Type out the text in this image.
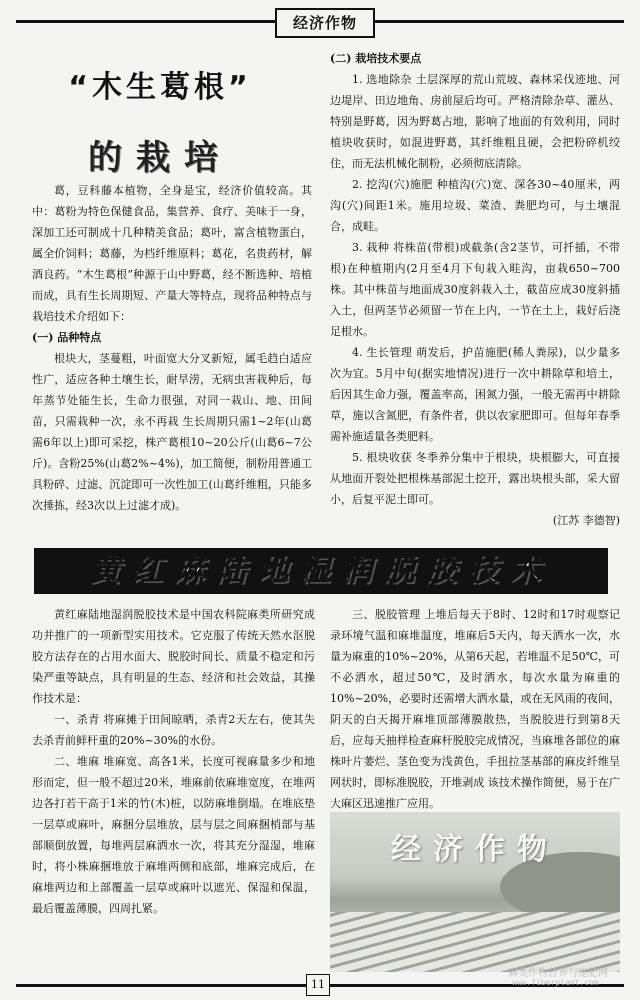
经济作物
“木生葛根”
的栽培

葛，豆科藤本植物，全身是宝，经济价值较高。其中：葛粉为特色保健食品，集营养、食疗、美味于一身，深加工还可制成十几种精美食品；葛叶，富含植物蛋白，属全价饲料；葛藤，为档纤维原料；葛花，名贵药材，解酒良药。“木生葛根”种源于山中野葛，经不断选种、培植而成，具有生长周期短、产量大等特点，现将品种特点与栽培技术介绍如下：

(一) 品种特点

根块大，茎蔓粗，叶面宽大分叉新短，属毛趋白适应性广，适应各种土壤生长，耐旱涝，无病虫害栽种后，每年蒸节处能生长，生命力很强，对同一栽山、地、田间苗，只需栽种一次，永不再栽 生长周期只需1~2年(山葛需6年以上)即可采挖，株产葛根10~20公斤(山葛6~7公斤)。含粉25%(山葛2%~4%)，加工简便，制粉用普通工具粉碎、过滤、沉淀即可一次性加工(山葛纤维粗，只能多次捶拣，经3次以上过滤才成)。

(二) 栽培技术要点

1. 选地除杂 土层深厚的荒山荒坡、森林采伐迹地、河边堤岸、田边地角、房前屋后均可。严格清除杂草、灌丛、特别是野葛，因为野葛占地，影响了地面的有效利用，同时植块收获时，如混进野葛，其纤维粗且硬，会把粉碎机绞住，而无法机械化制粉，必须彻底清除。

2. 挖沟(穴)施肥 种植沟(穴)宽、深各30~40厘米，两沟(穴)间距1米。施用垃圾、菜渣、粪肥均可，与土壤混合，成畦。

3. 栽种 将株苗(带根)或截条(含2茎节，可扦插，不带根)在种植期内(2月至4月下旬栽入畦沟，亩栽650~700株。其中株苗与地面成30度斜栽入土，截苗应成30度斜插入土，但两茎节必须留一节在上内，一节在土上，栽好后浇足根水。

4. 生长管理 萌发后，护苗施肥(稀人粪尿)，以少量多次为宜。5月中旬(据实地情况)进行一次中耕除草和培土，后因其生命力强，覆盖率高，困氮力强，一般无需再中耕除草，施以含氮肥，有条件者，供以农家肥即可。但每年春季需补施适量各类肥料。

5. 根块收获 冬季养分集中于根块，块根膨大，可直接从地面开裂处把根株基部泥土挖开，露出块根头部，采大留小，后复平泥土即可。

(江苏 李德智)

黄红麻陆地湿润脱胶技术

黄红麻陆地湿润脱胶技术是中国农科院麻类所研究成功并推广的一项新型实用技术。它克服了传统天然水沤脱胶方法存在的占用水面大、脱胶时间长、质量不稳定和污染严重等缺点，具有明显的生态、经济和社会效益，其操作技术是：

一、杀青 将麻摊于田间晾晒，杀青2天左右，使其失去杀青前鲜杆重的20%~30%的水份。

二、堆麻 堆麻宽、高各1米，长度可视麻量多少和地形而定，但一般不超过20米，堆麻前依麻堆宽度，在堆两边各打若干高于1米的竹(木)桩，以防麻堆倒塌。在堆底垫一层草或麻叶，麻捆分层堆放，层与层之间麻捆梢部与基部顺倒放置，每堆两层麻洒水一次，将其充分湿湿，堆麻时，将小株麻捆堆放于麻堆两侧和底部，堆麻完成后，在麻堆两边和上部覆盖一层草或麻叶以遮光、保湿和保温，最后覆盖薄膜，四周扎紧。

三、脱胶管理 上堆后每天于8时、12时和17时观察记录环境气温和麻堆温度，堆麻后5天内，每天洒水一次，水量为麻重的10%~20%，从第6天起，若堆温不足50℃，可不必洒水，超过50℃，及时洒水，每次水量为麻重的10%~20%，必要时还需增大洒水量，或在无风雨的夜间，阴天的白天揭开麻堆顶部薄膜散热，当脱胶进行到第8天后，应每天抽样检查麻杆脱胶完成情况，当麻堆各部位的麻株叶片萎烂、茎色变为浅黄色，手扭拉茎基部的麻皮纤维呈网状时，即标准脱胶，开堆剥成 该技术操作简便，易于在广大麻区迅速推广应用。

经济作物
11
麻类作物营养与施肥网
www.fiberplant.com
